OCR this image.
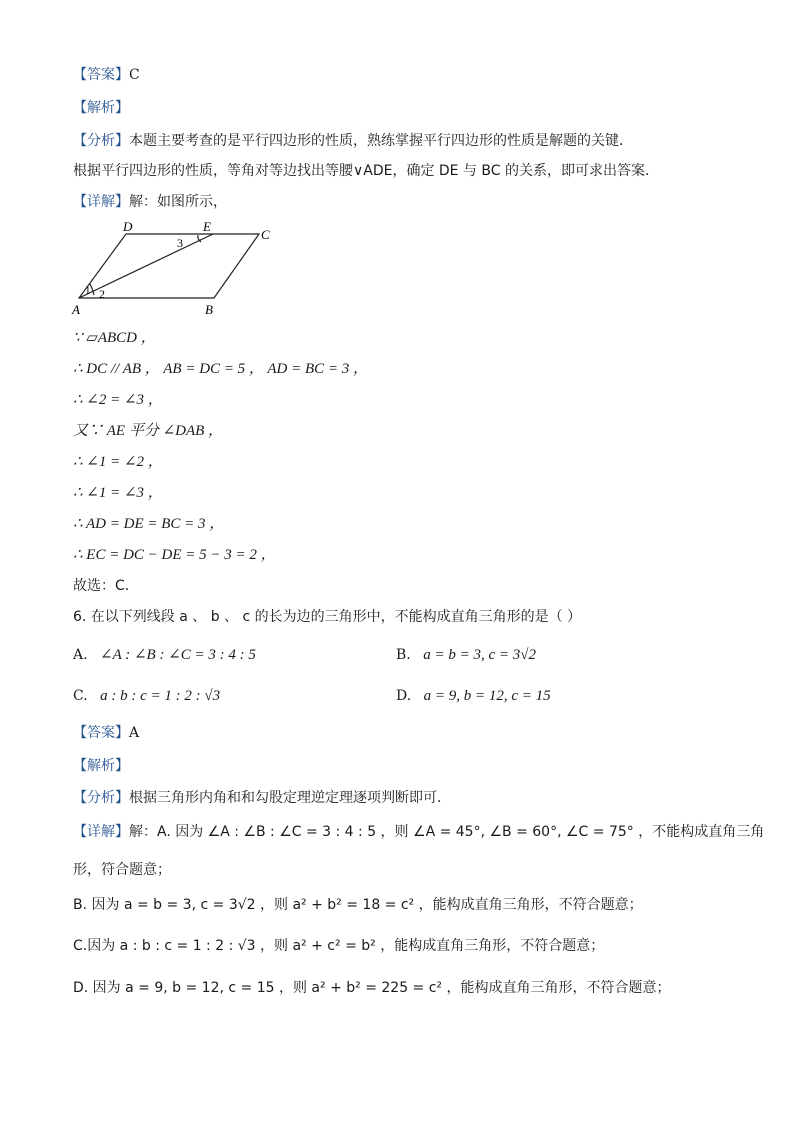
【答案】C
【解析】
【分析】本题主要考查的是平行四边形的性质，熟练掌握平行四边形的性质是解题的关键．
根据平行四边形的性质，等角对等边找出等腰∨ADE，确定 DE 与 BC 的关系，即可求出答案．
【详解】解：如图所示，
D	E
C
A	B
1 2
3
∵ ▱ABCD ，
∴ DC // AB ， AB = DC = 5 ， AD = BC = 3 ，
∴ ∠2 = ∠3 ，
又∵ AE 平分 ∠DAB ，
∴ ∠1 = ∠2 ，
∴ ∠1 = ∠3 ，
∴ AD = DE = BC = 3 ，
∴ EC = DC − DE = 5 − 3 = 2 ，
故选：C．
6. 在以下列线段 a 、 b 、 c 的长为边的三角形中，不能构成直角三角形的是（ ）
A. ∠A : ∠B : ∠C = 3 : 4 : 5	B. a = b = 3, c = 3√2
C. a : b : c = 1 : 2 : √3	D. a = 9, b = 12, c = 15
【答案】A
【解析】
【分析】根据三角形内角和和勾股定理逆定理逐项判断即可．
【详解】解：A. 因为 ∠A : ∠B : ∠C = 3 : 4 : 5 ，则 ∠A = 45°, ∠B = 60°, ∠C = 75° ，不能构成直角三角
形，符合题意；
B. 因为 a = b = 3, c = 3√2 ，则 a² + b² = 18 = c² ，能构成直角三角形，不符合题意；
C.因为 a : b : c = 1 : 2 : √3 ，则 a² + c² = b² ，能构成直角三角形，不符合题意；
D. 因为 a = 9, b = 12, c = 15 ，则 a² + b² = 225 = c² ，能构成直角三角形，不符合题意；
